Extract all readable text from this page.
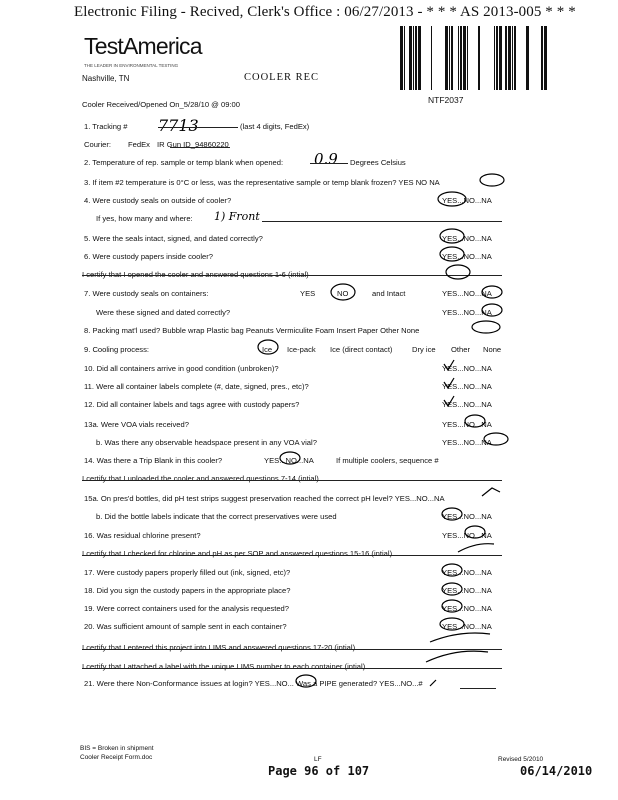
Electronic Filing - Recived, Clerk's Office : 06/27/2013 - * * * AS 2013-005 * * *
TestAmerica
THE LEADER IN ENVIRONMENTAL TESTING
Nashville, TN	COOLER REC
NTF2037
Cooler Received/Opened On_5/28/10 @ 09:00
1. Tracking #	(last 4 digits, FedEx)
Courier: FedEx IR Gun ID_94860220
2. Temperature of rep. sample or temp blank when opened:	Degrees Celsius
3. If item #2 temperature is 0°C or less, was the representative sample or temp blank frozen? YES NO NA
4. Were custody seals on outside of cooler?	YES...NO...NA
If yes, how many and where:
5. Were the seals intact, signed, and dated correctly?	YES...NO...NA
6. Were custody papers inside cooler?	YES...NO...NA
I certify that I opened the cooler and answered questions 1-6 (intial)
7. Were custody seals on containers:	YES	NO	and Intact	YES...NO...NA
Were these signed and dated correctly?	YES...NO...NA
8. Packing mat'l used? Bubble wrap Plastic bag Peanuts Vermiculite Foam Insert Paper Other None
9. Cooling process:	Ice Ice-pack Ice (direct contact)	Dry ice Other None
10. Did all containers arrive in good condition (unbroken)?	YES...NO...NA
11. Were all container labels complete (#, date, signed, pres., etc)?	YES...NO...NA
12. Did all container labels and tags agree with custody papers?	YES...NO...NA
13a. Were VOA vials received?	YES...NO...NA
b. Was there any observable headspace present in any VOA vial?	YES...NO...NA
14. Was there a Trip Blank in this cooler?	YES...NO...NA	If multiple coolers, sequence #
I certify that I unloaded the cooler and answered questions 7-14 (intial)
15a. On pres'd bottles, did pH test strips suggest preservation reached the correct pH level? YES...NO...NA
b. Did the bottle labels indicate that the correct preservatives were used	YES...NO...NA
16. Was residual chlorine present?	YES...NO...NA
I certify that I checked for chlorine and pH as per SOP and answered questions 15-16 (intial)
17. Were custody papers properly filled out (ink, signed, etc)?	YES...NO...NA
18. Did you sign the custody papers in the appropriate place?	YES...NO...NA
19. Were correct containers used for the analysis requested?	YES...NO...NA
20. Was sufficient amount of sample sent in each container?	YES...NO...NA
I certify that I entered this project into LIMS and answered questions 17-20 (intial)
I certify that I attached a label with the unique LIMS number to each container (intial)
21. Were there Non-Conformance issues at login? YES...NO... Was a PIPE generated? YES...NO...#
7713
0.9
1) Front
BIS = Broken in shipment
Cooler Receipt Form.doc	LF	Revised 5/2010
Page 96 of 107	06/14/2010
